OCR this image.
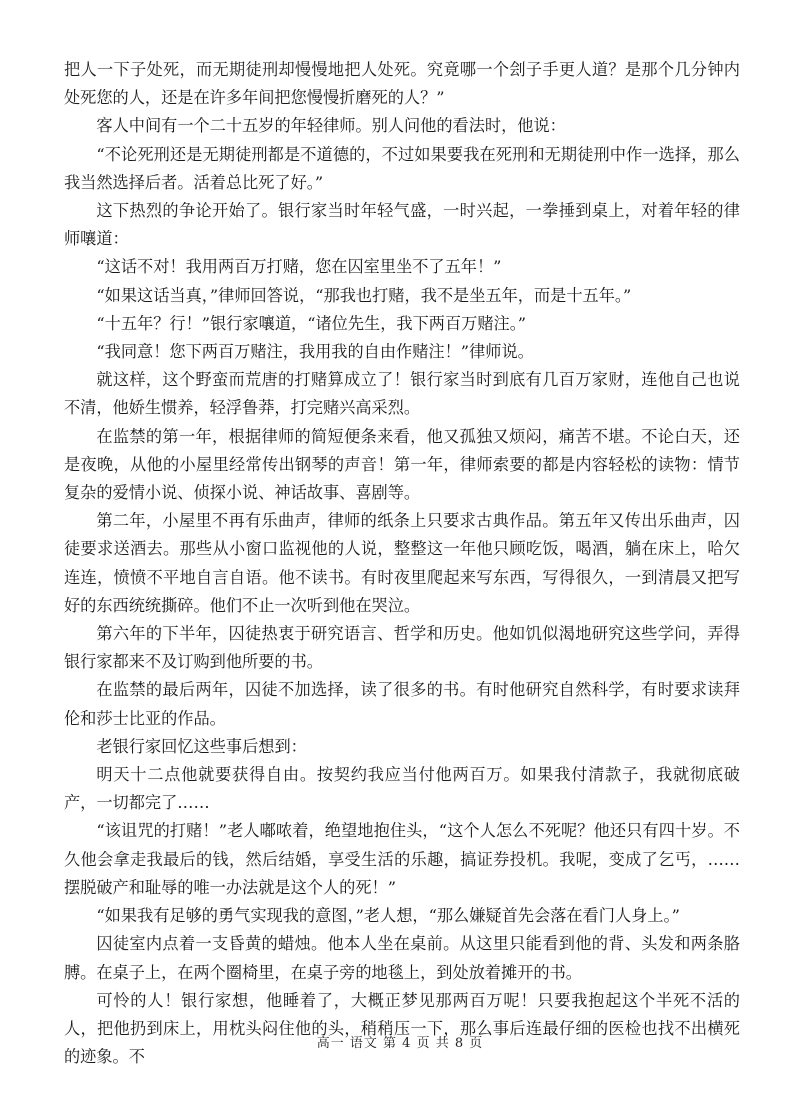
把人一下子处死，而无期徒刑却慢慢地把人处死。究竟哪一个刽子手更人道？是那个几分钟内处死您的人，还是在许多年间把您慢慢折磨死的人？”

客人中间有一个二十五岁的年轻律师。别人问他的看法时，他说：

“不论死刑还是无期徒刑都是不道德的，不过如果要我在死刑和无期徒刑中作一选择，那么我当然选择后者。活着总比死了好。”

这下热烈的争论开始了。银行家当时年轻气盛，一时兴起，一拳捶到桌上，对着年轻的律师嚷道：

“这话不对！我用两百万打赌，您在囚室里坐不了五年！”

“如果这话当真，”律师回答说，“那我也打赌，我不是坐五年，而是十五年。”

“十五年？行！”银行家嚷道，“诸位先生，我下两百万赌注。”

“我同意！您下两百万赌注，我用我的自由作赌注！”律师说。

就这样，这个野蛮而荒唐的打赌算成立了！银行家当时到底有几百万家财，连他自己也说不清，他娇生惯养，轻浮鲁莽，打完赌兴高采烈。

在监禁的第一年，根据律师的简短便条来看，他又孤独又烦闷，痛苦不堪。不论白天，还是夜晚，从他的小屋里经常传出钢琴的声音！第一年，律师索要的都是内容轻松的读物：情节复杂的爱情小说、侦探小说、神话故事、喜剧等。

第二年，小屋里不再有乐曲声，律师的纸条上只要求古典作品。第五年又传出乐曲声，囚徒要求送酒去。那些从小窗口监视他的人说，整整这一年他只顾吃饭，喝酒，躺在床上，哈欠连连，愤愤不平地自言自语。他不读书。有时夜里爬起来写东西，写得很久，一到清晨又把写好的东西统统撕碎。他们不止一次听到他在哭泣。

第六年的下半年，囚徒热衷于研究语言、哲学和历史。他如饥似渴地研究这些学问，弄得银行家都来不及订购到他所要的书。

在监禁的最后两年，囚徒不加选择，读了很多的书。有时他研究自然科学，有时要求读拜伦和莎士比亚的作品。

老银行家回忆这些事后想到：

明天十二点他就要获得自由。按契约我应当付他两百万。如果我付清款子，我就彻底破产，一切都完了……

“该诅咒的打赌！”老人嘟哝着，绝望地抱住头，“这个人怎么不死呢？他还只有四十岁。不久他会拿走我最后的钱，然后结婚，享受生活的乐趣，搞证券投机。我呢，变成了乞丐，……摆脱破产和耻辱的唯一办法就是这个人的死！”

“如果我有足够的勇气实现我的意图，”老人想，“那么嫌疑首先会落在看门人身上。”

囚徒室内点着一支昏黄的蜡烛。他本人坐在桌前。从这里只能看到他的背、头发和两条胳膊。在桌子上，在两个圈椅里，在桌子旁的地毯上，到处放着摊开的书。

可怜的人！银行家想，他睡着了，大概正梦见那两百万呢！只要我抱起这个半死不活的人，把他扔到床上，用枕头闷住他的头，稍稍压一下，那么事后连最仔细的医检也找不出横死的迹象。不

高一 语文 第 4 页 共 8 页
